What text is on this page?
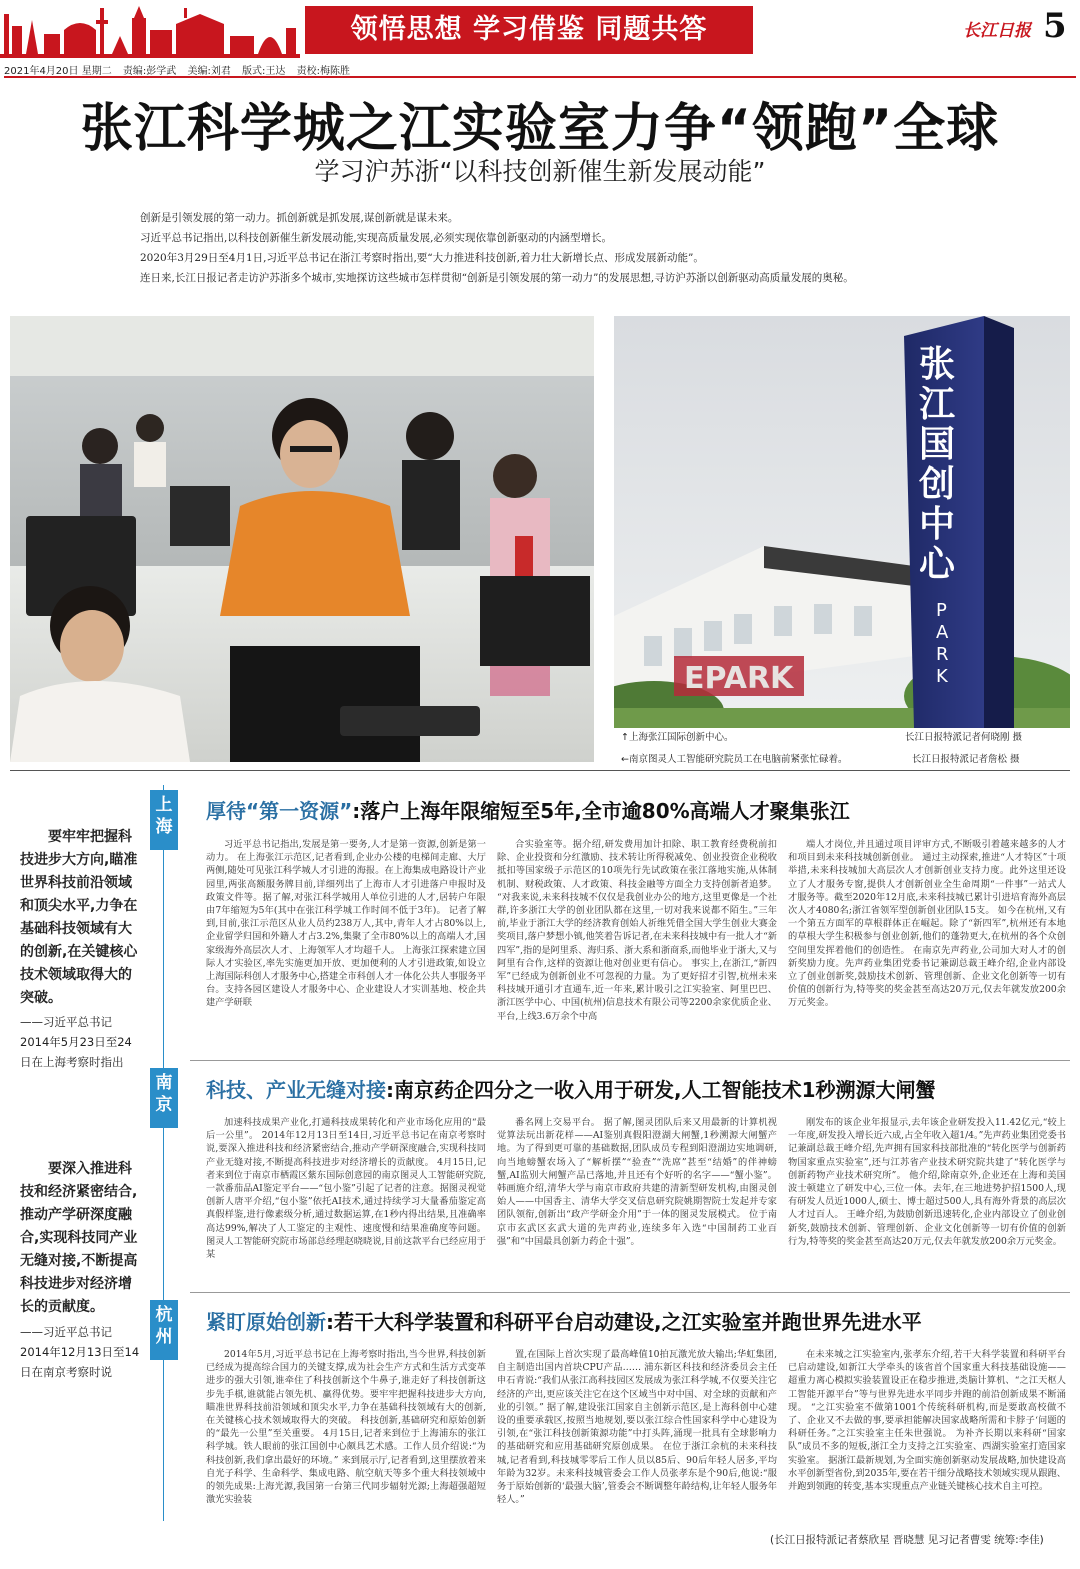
领悟思想 学习借鉴 同题共答	长江日报 5
2021年4月20日 星期二 责编:彭学武 美编:刘君 版式:王达 责校:梅陈胜
张江科学城之江实验室力争“领跑”全球
学习沪苏浙“以科技创新催生新发展动能”

创新是引领发展的第一动力。抓创新就是抓发展,谋创新就是谋未来。

习近平总书记指出,以科技创新催生新发展动能,实现高质量发展,必须实现依靠创新驱动的内涵型增长。

2020年3月29日至4月1日,习近平总书记在浙江考察时指出,要“大力推进科技创新,着力壮大新增长点、形成发展新动能”。

连日来,长江日报记者走访沪苏浙多个城市,实地探访这些城市怎样贯彻“创新是引领发展的第一动力”的发展思想,寻访沪苏浙以创新驱动高质量发展的奥秘。

↑上海张江国际创新中心。	长江日报特派记者何晓刚 摄
←南京图灵人工智能研究院员工在电脑前紧张忙碌着。	长江日报特派记者詹松 摄
EPARK
张
江
国
创
中
心
P
A
R
K
要牢牢把握科技进步大方向,瞄准世界科技前沿领域和顶尖水平,力争在基础科技领域有大的创新,在关键核心技术领域取得大的突破。
——习近平总书记2014年5月23日至24日在上海考察时指出
要深入推进科技和经济紧密结合,推动产学研深度融合,实现科技同产业无缝对接,不断提高科技进步对经济增长的贡献度。
——习近平总书记2014年12月13日至14日在南京考察时说
上
海
南
京
杭
州
厚待“第一资源”:落户上海年限缩短至5年,全市逾80%高端人才聚集张江

习近平总书记指出,发展是第一要务,人才是第一资源,创新是第一动力。 在上海张江示范区,记者看到,企业办公楼的电梯间走廊、大厅两侧,随处可见张江科学城人才引进的海报。在上海集成电路设计产业园里,两张高额服务牌目前,详细列出了上海市人才引进落户申报时及政策文件等。据了解,对张江科学城用人单位引进的人才,居转户年限由7年缩短为5年(其中在张江科学城工作时间不低于3年)。 记者了解到,目前,张江示范区从业人员约238万人,其中,青年人才占80%以上,企业留学归国和外籍人才占3.2%,集聚了全市80%以上的高端人才,国家级海外高层次人才、上海领军人才均超千人。 上海张江探索建立国际人才实验区,率先实施更加开放、更加便利的人才引进政策,如设立上海国际科创人才服务中心,搭建全市科创人才一体化公共人事服务平台。支持各园区建设人才服务中心、企业建设人才实训基地、校企共建产学研联

合实验室等。据介绍,研发费用加计扣除、职工教育经费税前扣除、企业投资和分红激励、技术转让所得税减免、创业投资企业税收抵扣等国家级子示范区的10项先行先试政策在张江落地实施,从体制机制、财税政策、人才政策、科技金融等方面全力支持创新者追梦。 “对我来说,未来科技城不仅仅是我创业办公的地方,这里更像是一个社群,许多浙江大学的创业团队都在这里,一切对我来说都不陌生。”三年前,毕业于浙江大学的经济教育创始人祈维凭借全国大学生创业大赛金奖项目,落户梦想小镇,他笑着告诉记者,在未来科技城中有一批人才“新四军”,指的是阿里系、海归系、浙大系和浙商系,而他毕业于浙大,又与阿里有合作,这样的资源让他对创业更有信心。 事实上,在浙江,“新四军”已经成为创新创业不可忽视的力量。为了更好招才引智,杭州未来科技城开通引才直通车,近一年来,累计吸引之江实验室、阿里巴巴、浙江医学中心、中国(杭州)信息技术有限公司等2200余家优质企业、平台,上线3.6万余个中高

端人才岗位,并且通过项目评审方式,不断吸引着越来越多的人才和项目到未来科技城创新创业。 通过主动探索,推进“人才特区”十项举措,未来科技城加大高层次人才创新创业支持力度。此外这里还设立了人才服务专窗,提供人才创新创业全生命周期“一件事”一站式人才服务等。截至2020年12月底,未来科技城已累计引进培育海外高层次人才4080名;浙江省领军型创新创业团队15支。 如今在杭州,又有一个第五方面军的草根群体正在崛起。除了“新四军”,杭州还有本地的草根大学生积极参与创业创新,他们的蓬勃更大,在杭州的各个众创空间里发挥着他们的创造性。 在南京先声药业,公司加大对人才的创新奖励力度。先声药业集团党委书记兼副总裁王峰介绍,企业内部设立了创业创新奖,鼓励技术创新、管理创新、企业文化创新等一切有价值的创新行为,特等奖的奖金甚至高达20万元,仅去年就发放200余万元奖金。

科技、产业无缝对接:南京药企四分之一收入用于研发,人工智能技术1秒溯源大闸蟹

加速科技成果产业化,打通科技成果转化和产业市场化应用的“最后一公里”。 2014年12月13日至14日,习近平总书记在南京考察时说,要深入推进科技和经济紧密结合,推动产学研深度融合,实现科技同产业无缝对接,不断提高科技进步对经济增长的贡献度。 4月15日,记者来到位于南京市栖霞区紫东国际创意园的南京图灵人工智能研究院,一款番茄品AI鉴定平台——“包小鉴”引起了记者的注意。据图灵视觉创新人唐平介绍,“包小鉴”依托AI技术,通过持续学习大量番茄鉴定高真假样鉴,进行像素级分析,通过数据运算,在1秒内得出结果,且准确率高达99%,解决了人工鉴定的主观性、速度慢和结果准确度等问题。图灵人工智能研究院市场部总经理赵晓晓说,目前这款平台已经应用于某

番名网上交易平台。 据了解,图灵团队后来又用最新的计算机视觉算法玩出新花样——AI鉴别真假阳澄湖大闸蟹,1秒溯源大闸蟹产地。为了得到更可靠的基础数据,团队成员专程到阳澄湖边实地调研,向当地螃蟹农场入了“解析摆”“验查”“洗席”甚至“结婚”的伴神螃蟹,AI监别大闸蟹产品已落地,并且还有个好听的名字——“蟹小鉴”。 韩画施介绍,清华大学与南京市政府共建的清新型研发机构,由图灵创始人——中国香主、清华大学交叉信息研究院姚期智院士发起并专家团队领衔,创新出“政产学研金介用”于一体的图灵发展模式。 位于南京市玄武区玄武大道的先声药业,连续多年入选“中国制药工业百强”和“中国最具创新力药企十强”。

刚发布的该企业年报显示,去年该企业研发投入11.42亿元,“较上一年度,研发投入增长近六成,占全年收入超1/4。”先声药业集团党委书记兼副总裁王峰介绍,先声拥有国家科技部批准的“转化医学与创新药物国家重点实验室”,还与江苏省产业技术研究院共建了“转化医学与创新药物产业技术研究所”。 他介绍,除南京外,企业还在上海和美国波士顿建立了研发中心,三位一体。去年,在三地进势护招1500人,现有研发人员近1000人,硕士、博士超过500人,具有海外背景的高层次人才过百人。 王峰介绍,为鼓励创新迅速转化,企业内部设立了创业创新奖,鼓励技术创新、管理创新、企业文化创新等一切有价值的创新行为,特等奖的奖金甚至高达20万元,仅去年就发放200余万元奖金。

紧盯原始创新:若干大科学装置和科研平台启动建设,之江实验室并跑世界先进水平

2014年5月,习近平总书记在上海考察时指出,当今世界,科技创新已经成为提高综合国力的关键支撑,成为社会生产方式和生活方式变革进步的强大引领,谁牵住了科技创新这个牛鼻子,谁走好了科技创新这步先手棋,谁就能占领先机、赢得优势。要牢牢把握科技进步大方向,瞄准世界科技前沿领域和顶尖水平,力争在基础科技领域有大的创新,在关键核心技术领域取得大的突破。 科技创新,基础研究和原始创新的“最先一公里”至关重要。 4月15日,记者来到位于上海浦东的张江科学城。铁人眼前的张江国创中心颇具艺术感。工作人员介绍说:“为科技创新,我们拿出最好的环境。” 来到展示厅,记者看到,这里摆放着来自光子科学、生命科学、集成电路、航空航天等多个重大科技领域中的领先成果:上海光源,我国第一台第三代同步辐射光源;上海超强超短激光实验装

置,在国际上首次实现了最高峰值10拍瓦激光放大输出;华虹集团,自主制造出国内首块CPU产品…… 浦东新区科技和经济委员会主任申石青说:“我们从张江高科技园区发展成为张江科学城,不仅要关注它经济的产出,更应该关注它在这个区域当中对中国、对全球的贡献和产业的引领。” 据了解,建设张江国家自主创新示范区,是上海科创中心建设的重要承载区,按照当地规划,要以张江综合性国家科学中心建设为引领,在“张江科技创新策源功能”中打头阵,涌现一批具有全球影响力的基础研究和应用基础研究原创成果。 在位于浙江余杭的未来科技城,记者看到,科技城零零后工作人员以85后、90后年轻人居多,平均年龄为32岁。未来科技城管委会工作人员张孝东是个90后,他说:“服务于原始创新的‘最强大脑’,管委会不断调整年龄结构,让年轻人服务年轻人。”

在未来城之江实验室内,张孝东介绍,若干大科学装置和科研平台已启动建设,如新江大学牵头的该省首个国家重大科技基础设施——超重力离心模拟实验装置设正在稳步推进,类脑计算机、“之江天枢人工智能开源平台”等与世界先进水平同步并跑的前沿创新成果不断涌现。 “之江实验室不做第1001个传统科研机构,而是要敢高校做不了、企业又不去做的事,要承担能解决国家战略所需和卡脖子‘问题的科研任务。”之江实验室主任朱世强说。 为补齐长期以来科研“国家队”成员不多的短板,浙江全力支持之江实验室、西湖实验室打造国家实验室。 据浙江最新规划,为全面实施创新驱动发展战略,加快建设高水平创新型省份,到2035年,要在若干细分战略技术领域实现从跟跑、并跑到领跑的转变,基本实现重点产业链关键核心技术自主可控。

(长江日报特派记者蔡欣星 晋晓慧 见习记者曹雯 统筹:李佳)
